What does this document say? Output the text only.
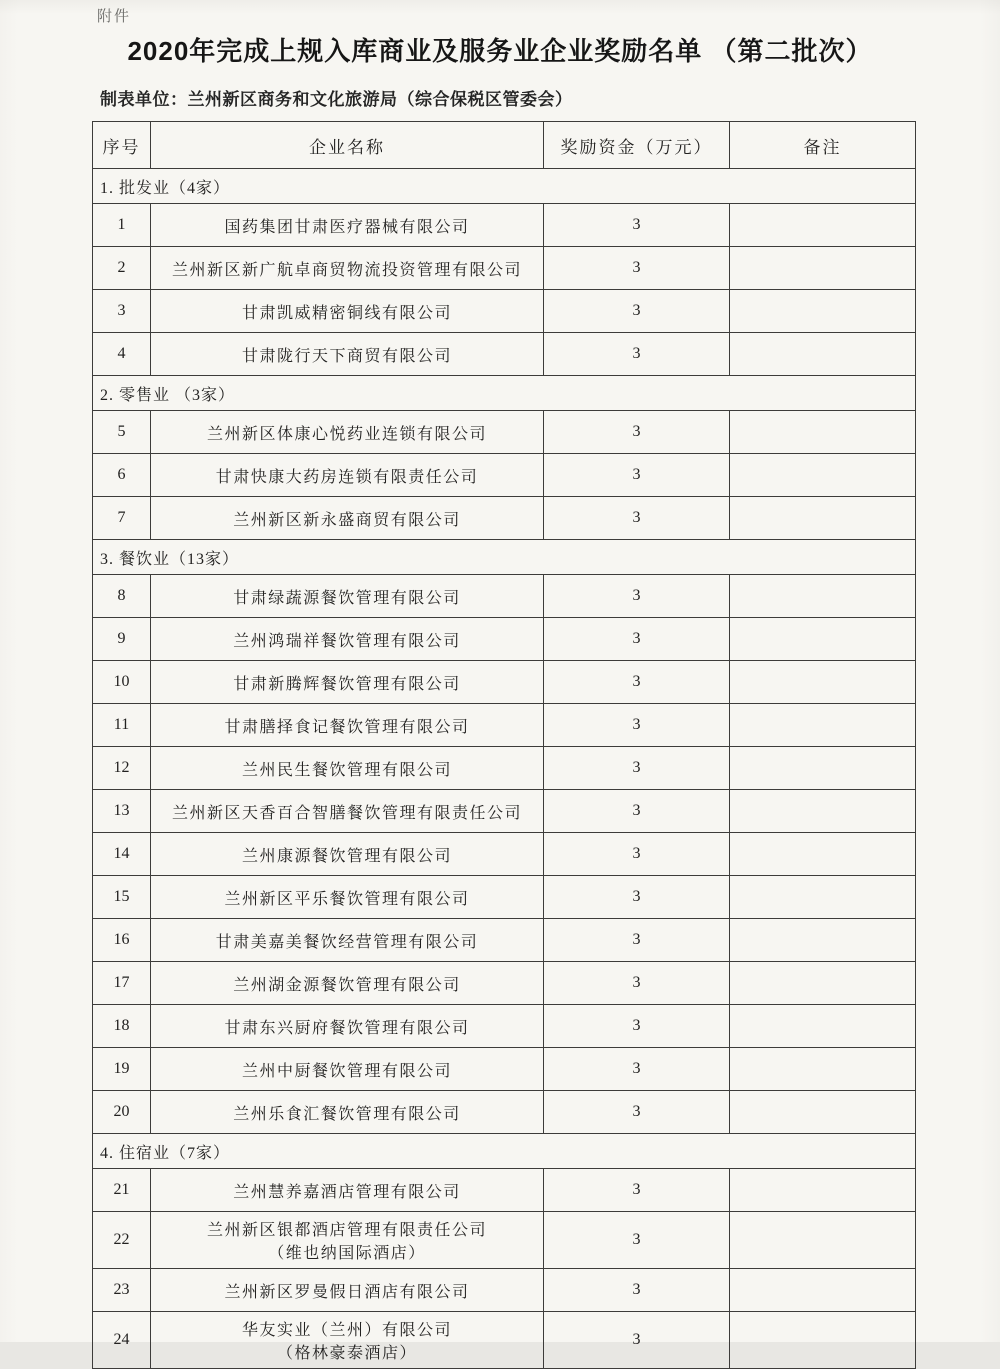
附件
2020年完成上规入库商业及服务业企业奖励名单 （第二批次）
制表单位：兰州新区商务和文化旅游局（综合保税区管委会）
序号	企业名称	奖励资金（万元）	备注
1. 批发业（4家）			
1	国药集团甘肃医疗器械有限公司	3	
2	兰州新区新广航卓商贸物流投资管理有限公司	3	
3	甘肃凯威精密铜线有限公司	3	
4	甘肃陇行天下商贸有限公司	3	
2. 零售业 （3家）			
5	兰州新区体康心悦药业连锁有限公司	3	
6	甘肃快康大药房连锁有限责任公司	3	
7	兰州新区新永盛商贸有限公司	3	
3. 餐饮业（13家）			
8	甘肃绿蔬源餐饮管理有限公司	3	
9	兰州鸿瑞祥餐饮管理有限公司	3	
10	甘肃新腾辉餐饮管理有限公司	3	
11	甘肃膳择食记餐饮管理有限公司	3	
12	兰州民生餐饮管理有限公司	3	
13	兰州新区天香百合智膳餐饮管理有限责任公司	3	
14	兰州康源餐饮管理有限公司	3	
15	兰州新区平乐餐饮管理有限公司	3	
16	甘肃美嘉美餐饮经营管理有限公司	3	
17	兰州湖金源餐饮管理有限公司	3	
18	甘肃东兴厨府餐饮管理有限公司	3	
19	兰州中厨餐饮管理有限公司	3	
20	兰州乐食汇餐饮管理有限公司	3	
4. 住宿业（7家）			
21	兰州慧养嘉酒店管理有限公司	3	
22	兰州新区银都酒店管理有限责任公司
（维也纳国际酒店）	3	
23	兰州新区罗曼假日酒店有限公司	3	
24	华友实业（兰州）有限公司
（格林豪泰酒店）	3	
